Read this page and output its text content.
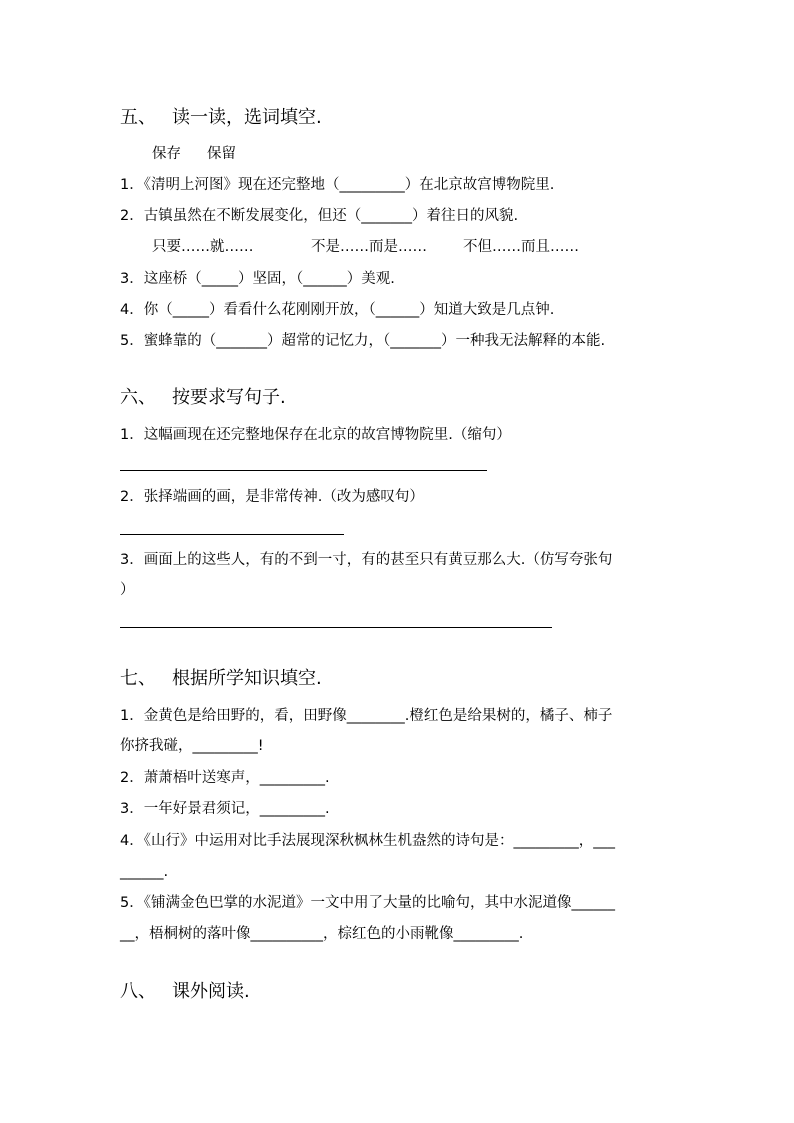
五、 读一读，选词填空.
保存 保留
1．《清明上河图》现在还完整地（_________）在北京故宫博物院里.
2．古镇虽然在不断发展变化，但还（_______）着往日的风貌.
只要……就……	不是……而是…… 不但……而且……
3．这座桥（_____）坚固，（______）美观.
4．你（_____）看看什么花刚刚开放，（______）知道大致是几点钟.
5．蜜蜂靠的（_______）超常的记忆力，（_______）一种我无法解释的本能.
六、 按要求写句子.
1．这幅画现在还完整地保存在北京的故宫博物院里.（缩句）
2．张择端画的画，是非常传神.（改为感叹句）
3．画面上的这些人，有的不到一寸，有的甚至只有黄豆那么大.（仿写夸张句
）
七、 根据所学知识填空.
1．金黄色是给田野的，看，田野像________.橙红色是给果树的，橘子、柿子
你挤我碰，_________!
2．萧萧梧叶送寒声，_________.
3．一年好景君须记，_________.
4．《山行》中运用对比手法展现深秋枫林生机盎然的诗句是：_________，___
______.
5．《铺满金色巴掌的水泥道》一文中用了大量的比喻句，其中水泥道像______
__，梧桐树的落叶像__________，棕红色的小雨靴像_________.
八、 课外阅读.
